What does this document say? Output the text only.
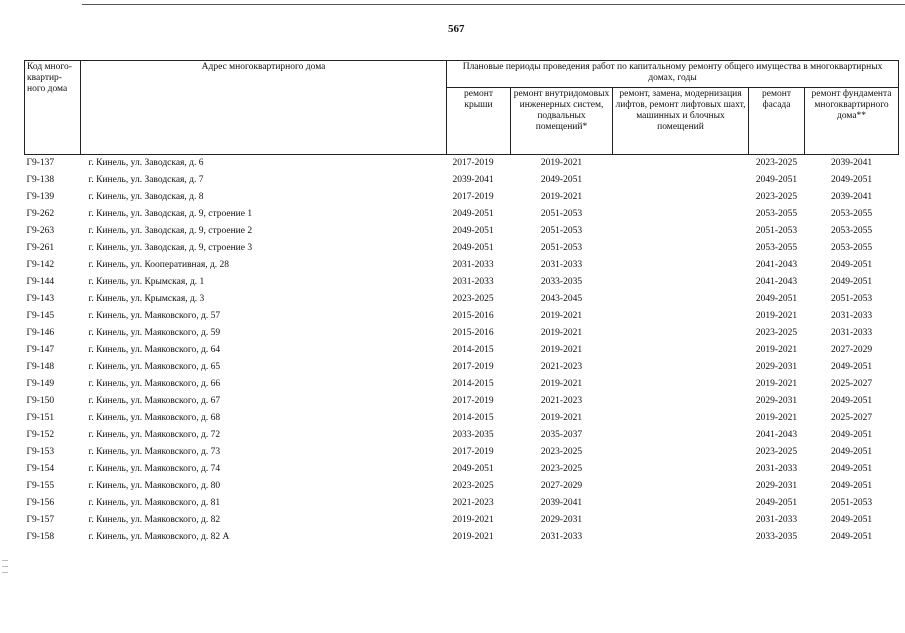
567
Код много-квартир-ного дома	Адрес многоквартирного дома	Плановые периоды проведения работ по капитальному ремонту общего имущества в многоквартирных домах, годы				
		ремонт крыши	ремонт внутридомовых инженерных систем, подвальных помещений*	ремонт, замена, модернизация лифтов, ремонт лифтовых шахт, машинных и блочных помещений	ремонт фасада	ремонт фундамента многоквартирного дома**
Г9-137	г. Кинель, ул. Заводская, д. 6	2017-2019	2019-2021		2023-2025	2039-2041
Г9-138	г. Кинель, ул. Заводская, д. 7	2039-2041	2049-2051		2049-2051	2049-2051
Г9-139	г. Кинель, ул. Заводская, д. 8	2017-2019	2019-2021		2023-2025	2039-2041
Г9-262	г. Кинель, ул. Заводская, д. 9, строение 1	2049-2051	2051-2053		2053-2055	2053-2055
Г9-263	г. Кинель, ул. Заводская, д. 9, строение 2	2049-2051	2051-2053		2051-2053	2053-2055
Г9-261	г. Кинель, ул. Заводская, д. 9, строение 3	2049-2051	2051-2053		2053-2055	2053-2055
Г9-142	г. Кинель, ул. Кооперативная, д. 28	2031-2033	2031-2033		2041-2043	2049-2051
Г9-144	г. Кинель, ул. Крымская, д. 1	2031-2033	2033-2035		2041-2043	2049-2051
Г9-143	г. Кинель, ул. Крымская, д. 3	2023-2025	2043-2045		2049-2051	2051-2053
Г9-145	г. Кинель, ул. Маяковского, д. 57	2015-2016	2019-2021		2019-2021	2031-2033
Г9-146	г. Кинель, ул. Маяковского, д. 59	2015-2016	2019-2021		2023-2025	2031-2033
Г9-147	г. Кинель, ул. Маяковского, д. 64	2014-2015	2019-2021		2019-2021	2027-2029
Г9-148	г. Кинель, ул. Маяковского, д. 65	2017-2019	2021-2023		2029-2031	2049-2051
Г9-149	г. Кинель, ул. Маяковского, д. 66	2014-2015	2019-2021		2019-2021	2025-2027
Г9-150	г. Кинель, ул. Маяковского, д. 67	2017-2019	2021-2023		2029-2031	2049-2051
Г9-151	г. Кинель, ул. Маяковского, д. 68	2014-2015	2019-2021		2019-2021	2025-2027
Г9-152	г. Кинель, ул. Маяковского, д. 72	2033-2035	2035-2037		2041-2043	2049-2051
Г9-153	г. Кинель, ул. Маяковского, д. 73	2017-2019	2023-2025		2023-2025	2049-2051
Г9-154	г. Кинель, ул. Маяковского, д. 74	2049-2051	2023-2025		2031-2033	2049-2051
Г9-155	г. Кинель, ул. Маяковского, д. 80	2023-2025	2027-2029		2029-2031	2049-2051
Г9-156	г. Кинель, ул. Маяковского, д. 81	2021-2023	2039-2041		2049-2051	2051-2053
Г9-157	г. Кинель, ул. Маяковского, д. 82	2019-2021	2029-2031		2031-2033	2049-2051
Г9-158	г. Кинель, ул. Маяковского, д. 82 А	2019-2021	2031-2033		2033-2035	2049-2051
